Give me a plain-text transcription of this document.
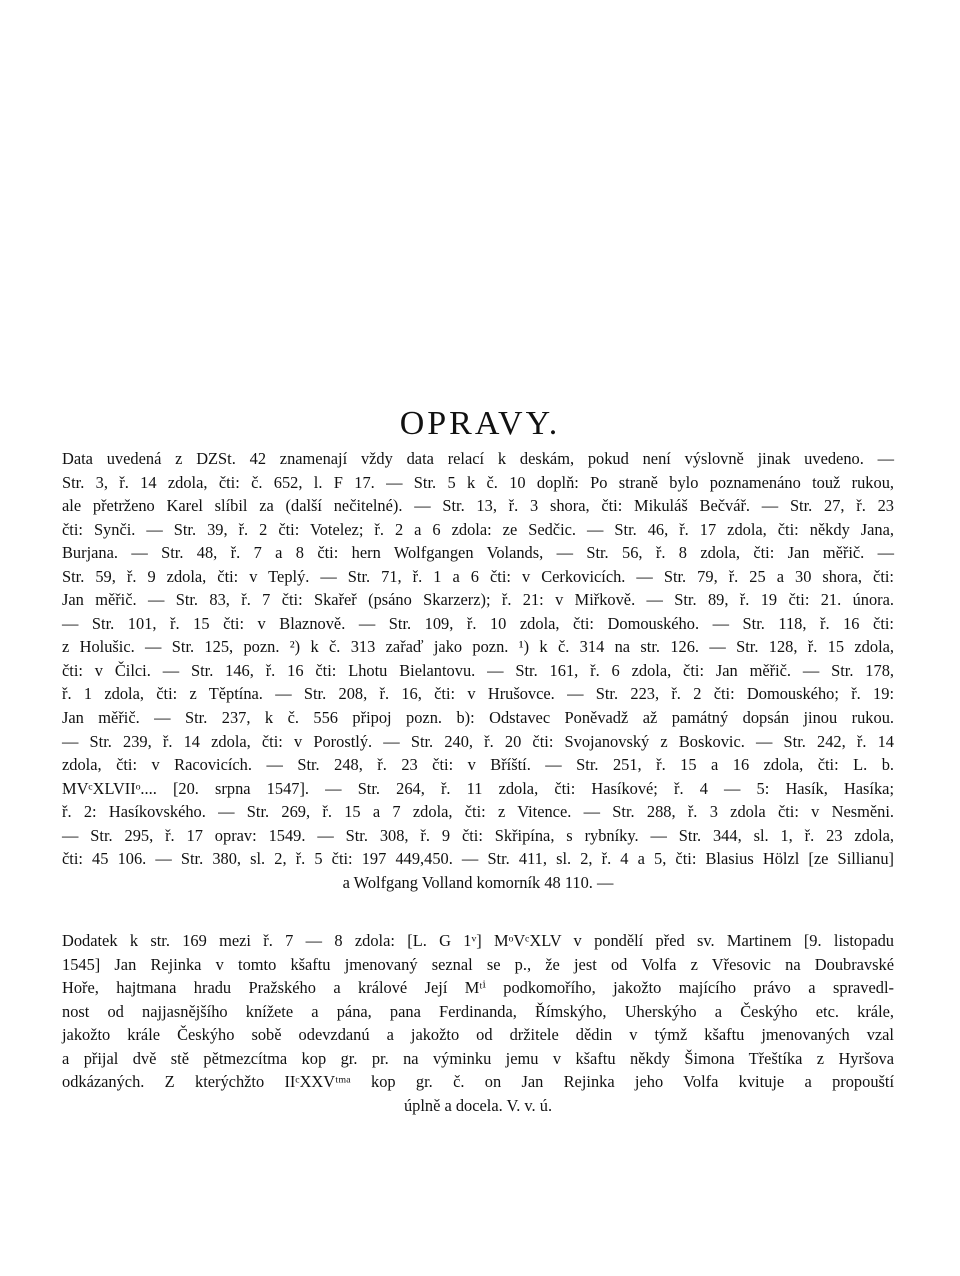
OPRAVY.
Data uvedená z DZSt. 42 znamenají vždy data relací k deskám, pokud není výslovně jinak uvedeno. —
Str. 3, ř. 14 zdola, čti: č. 652, l. F 17. — Str. 5 k č. 10 doplň: Po straně bylo poznamenáno touž rukou,
ale přetrženo Karel slíbil za (další nečitelné). — Str. 13, ř. 3 shora, čti: Mikuláš Bečvář. — Str. 27, ř. 23
čti: Synči. — Str. 39, ř. 2 čti: Votelez; ř. 2 a 6 zdola: ze Sedčic. — Str. 46, ř. 17 zdola, čti: někdy Jana,
Burjana. — Str. 48, ř. 7 a 8 čti: hern Wolfgangen Volands, — Str. 56, ř. 8 zdola, čti: Jan měřič. —
Str. 59, ř. 9 zdola, čti: v Teplý. — Str. 71, ř. 1 a 6 čti: v Cerkovicích. — Str. 79, ř. 25 a 30 shora, čti:
Jan měřič. — Str. 83, ř. 7 čti: Skařeř (psáno Skarzerz); ř. 21: v Miřkově. — Str. 89, ř. 19 čti: 21. února.
— Str. 101, ř. 15 čti: v Blaznově. — Str. 109, ř. 10 zdola, čti: Domouského. — Str. 118, ř. 16 čti:
z Holušic. — Str. 125, pozn. ²) k č. 313 zařaď jako pozn. ¹) k č. 314 na str. 126. — Str. 128, ř. 15 zdola,
čti: v Čilci. — Str. 146, ř. 16 čti: Lhotu Bielantovu. — Str. 161, ř. 6 zdola, čti: Jan měřič. — Str. 178,
ř. 1 zdola, čti: z Těptína. — Str. 208, ř. 16, čti: v Hrušovce. — Str. 223, ř. 2 čti: Domouského; ř. 19:
Jan měřič. — Str. 237, k č. 556 připoj pozn. b): Odstavec Poněvadž až památný dopsán jinou rukou.
— Str. 239, ř. 14 zdola, čti: v Porostlý. — Str. 240, ř. 20 čti: Svojanovský z Boskovic. — Str. 242, ř. 14
zdola, čti: v Racovicích. — Str. 248, ř. 23 čti: v Bříští. — Str. 251, ř. 15 a 16 zdola, čti: L. b.
MVᶜXLVIIᵒ.... [20. srpna 1547]. — Str. 264, ř. 11 zdola, čti: Hasíkové; ř. 4 — 5: Hasík, Hasíka;
ř. 2: Hasíkovského. — Str. 269, ř. 15 a 7 zdola, čti: z Vitence. — Str. 288, ř. 3 zdola čti: v Nesměni.
— Str. 295, ř. 17 oprav: 1549. — Str. 308, ř. 9 čti: Skřipína, s rybníky. — Str. 344, sl. 1, ř. 23 zdola,
čti: 45 106. — Str. 380, sl. 2, ř. 5 čti: 197 449,450. — Str. 411, sl. 2, ř. 4 a 5, čti: Blasius Hölzl [ze Sillianu]
a Wolfgang Volland komorník 48 110. —
Dodatek k str. 169 mezi ř. 7 — 8 zdola: [L. G 1ᵛ] MᵒVᶜXLV v pondělí před sv. Martinem [9. listopadu
1545] Jan Rejinka v tomto kšaftu jmenovaný seznal se p., že jest od Volfa z Vřesovic na Doubravské
Hoře, hajtmana hradu Pražského a králové Její Mᵗⁱ podkomořího, jakožto majícího právo a spravedl-
nost od najjasnějšího knížete a pána, pana Ferdinanda, Římskýho, Uherskýho a Českýho etc. krále,
jakožto krále Českýho sobě odevzdanú a jakožto od držitele dědin v týmž kšaftu jmenovaných vzal
a přijal dvě stě pětmezcítma kop gr. pr. na výminku jemu v kšaftu někdy Šimona Třeštíka z Hyršova
odkázaných. Z kterýchžto IIᶜXXVᵗᵐᵃ kop gr. č. on Jan Rejinka jeho Volfa kvituje a propouští
úplně a docela. V. v. ú.
